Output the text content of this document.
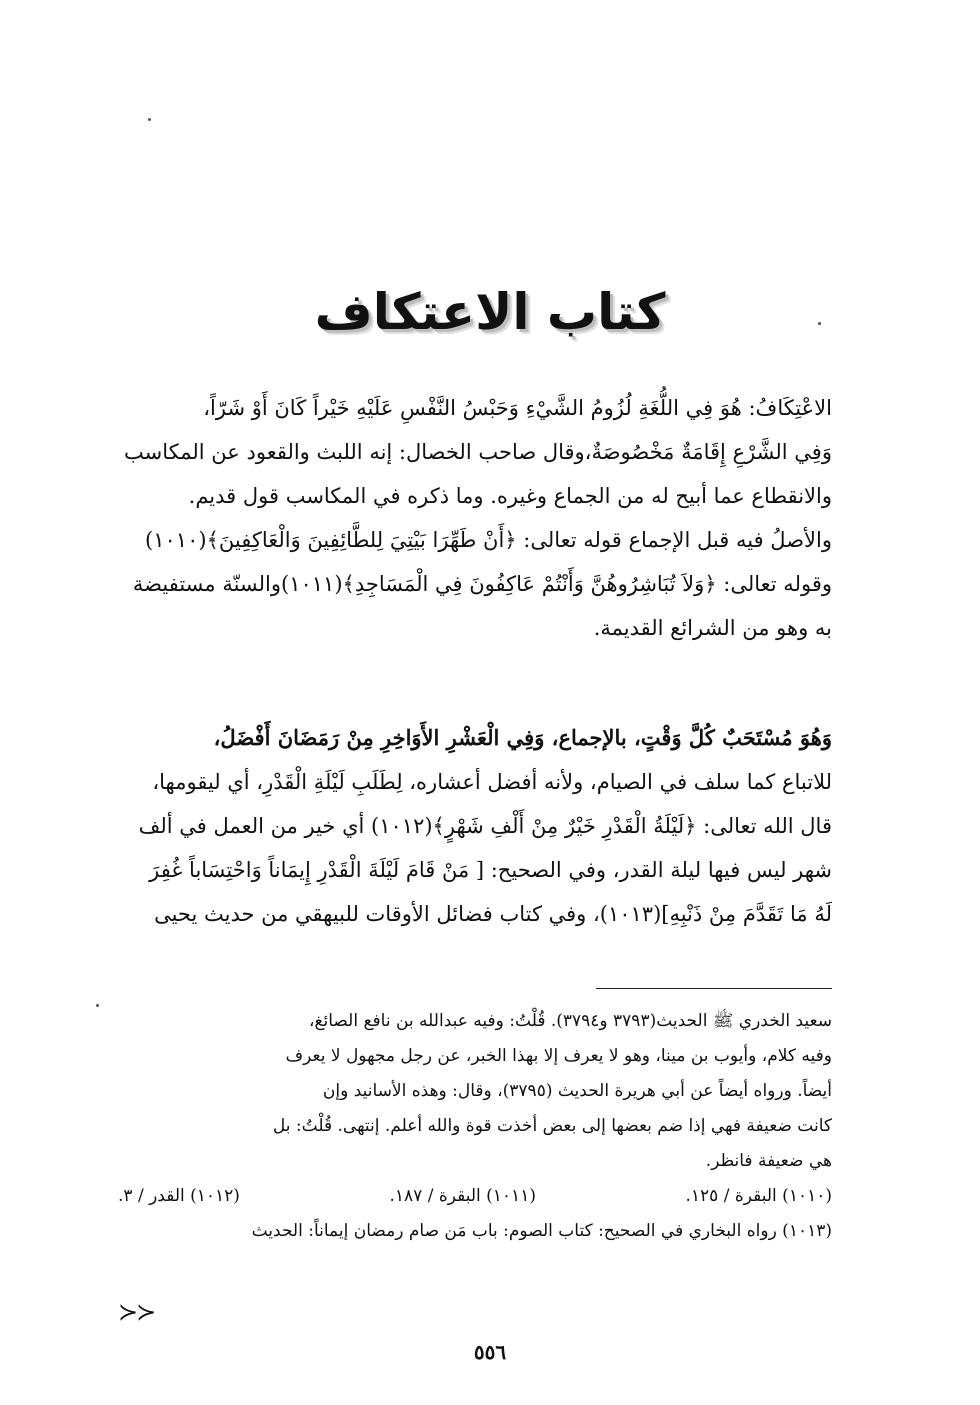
كتاب الاعتكاف
الاعْتِكَافُ: هُوَ فِي اللُّغَةِ لُزُومُ الشَّيْءِ وَحَبْسُ النَّفْسِ عَلَيْهِ خَيْراً كَانَ أَوْ شَرّاً،
وَفِي الشَّرْعِ إِقَامَةٌ مَخْصُوصَةٌ،وقال صاحب الخصال: إنه اللبث والقعود عن المكاسب
والانقطاع عما أبيح له من الجماع وغيره. وما ذكره في المكاسب قول قديم.
والأصلُ فيه قبل الإجماع قوله تعالى: ﴿أَنْ طَهِّرَا بَيْتِيَ لِلطَّائِفِينَ وَالْعَاكِفِينَ﴾(١٠١٠)
وقوله تعالى: ﴿وَلاَ تُبَاشِرُوهُنَّ وَأَنْتُمْ عَاكِفُونَ فِي الْمَسَاجِدِ﴾(١٠١١)والسنّة مستفيضة
به وهو من الشرائع القديمة.
وَهُوَ مُسْتَحَبٌ كُلَّ وَقْتٍ، بالإجماع، وَفِي الْعَشْرِ الأَوَاخِرِ مِنْ رَمَضَانَ أَفْضَلُ،
للاتباع كما سلف في الصيام، ولأنه أفضل أعشاره، لِطَلَبِ لَيْلَةِ الْقَدْرِ، أي ليقومها،
قال الله تعالى: ﴿لَيْلَةُ الْقَدْرِ خَيْرٌ مِنْ أَلْفِ شَهْرٍ﴾(١٠١٢) أي خير من العمل في ألف
شهر ليس فيها ليلة القدر، وفي الصحيح: [ مَنْ قَامَ لَيْلَةَ الْقَدْرِ إِيمَاناً وَاحْتِسَاباً غُفِرَ
لَهُ مَا تَقَدَّمَ مِنْ ذَنْبِهِ](١٠١٣)، وفي كتاب فضائل الأوقات للبيهقي من حديث يحيى
سعيد الخدري ﷺ الحديث(٣٧٩٣ و٣٧٩٤). قُلْتُ: وفيه عبدالله بن نافع الصائغ،
وفيه كلام، وأيوب بن مينا، وهو لا يعرف إلا بهذا الخبر، عن رجل مجهول لا يعرف
أيضاً. ورواه أيضاً عن أبي هريرة الحديث (٣٧٩٥)، وقال: وهذه الأسانيد وإن
كانت ضعيفة فهي إذا ضم بعضها إلى بعض أخذت قوة والله أعلم. إنتهى. قُلْتُ: بل
هي ضعيفة فانظر.
(١٠١٠) البقرة / ١٢٥.
(١٠١١) البقرة / ١٨٧.
(١٠١٢) القدر / ٣.
(١٠١٣) رواه البخاري في الصحيح: كتاب الصوم: باب مَن صام رمضان إيماناً: الحديث
≺≺
٥٥٦
